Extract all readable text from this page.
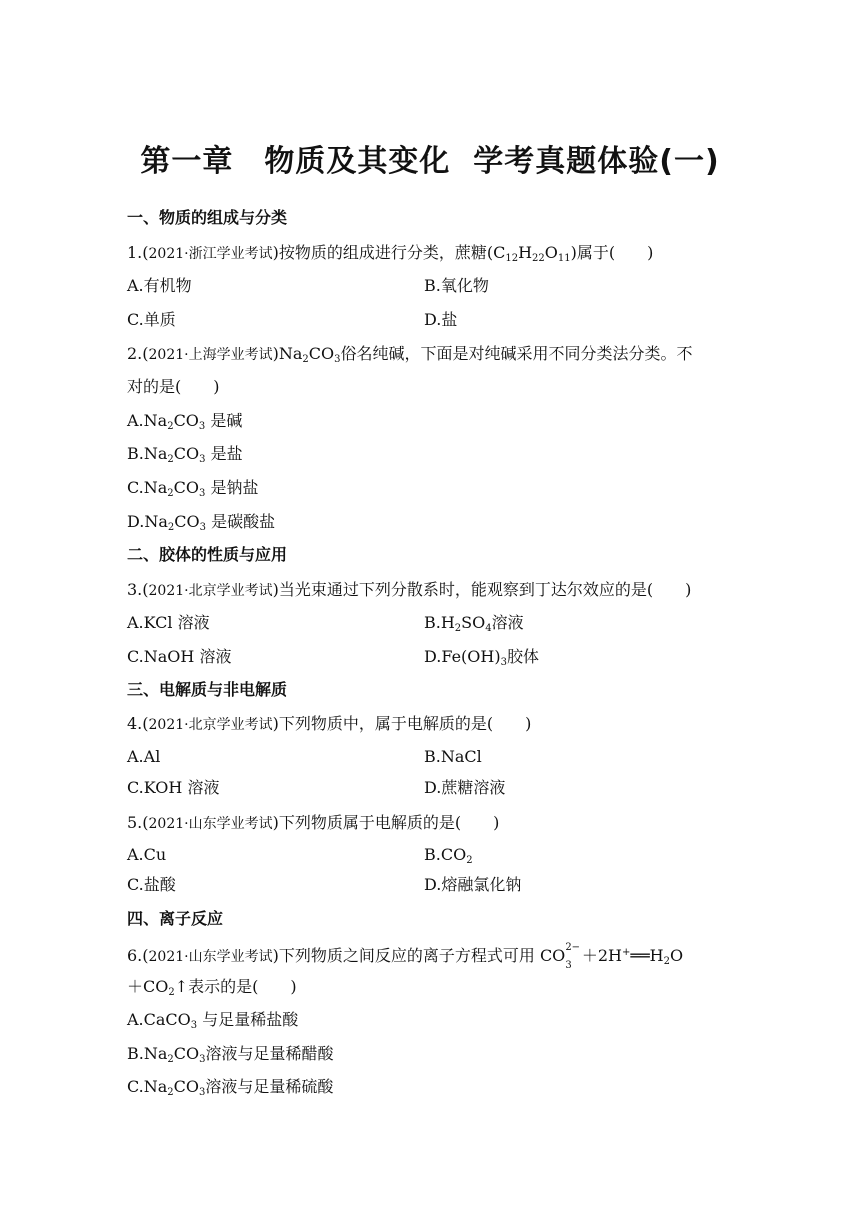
第一章　物质及其变化  学考真题体验(一)
一、物质的组成与分类
1.(2021·浙江学业考试)按物质的组成进行分类，蔗糖$(C_{12}H_{22}O_{11})$属于(　　)
A.有机物	B.氧化物
C.单质	D.盐
2.(2021·上海学业考试)$Na_2CO_3$俗名纯碱，下面是对纯碱采用不同分类法分类。不
对的是(　　)
$A.Na_2CO_3$ 是碱
$B.Na_2CO_3$ 是盐
$C.Na_2CO_3$ 是钠盐
$D.Na_2CO_3$ 是碳酸盐
二、胶体的性质与应用
3.(2021·北京学业考试)当光束通过下列分散系时，能观察到丁达尔效应的是(　　)
A.KCl 溶液	$B.H_2SO_4$溶液
C.NaOH 溶液	$D.Fe(OH)_3$胶体
三、电解质与非电解质
4.(2021·北京学业考试)下列物质中，属于电解质的是(　　)
A.Al	B.NaCl
C.KOH 溶液	D.蔗糖溶液
5.(2021·山东学业考试)下列物质属于电解质的是(　　)
A.Cu	$B.CO_2$
C.盐酸	D.熔融氯化钠
四、离子反应
6.(2021·山东学业考试)下列物质之间反应的离子方程式可用 CO 2−
$_3 +2H^+══H_2O$
$+CO_2↑$表示的是(　　)
A.CaCO$_3$ 与足量稀盐酸
$B.Na_2CO_3$溶液与足量稀醋酸
$C.Na_2CO_3$溶液与足量稀硫酸
